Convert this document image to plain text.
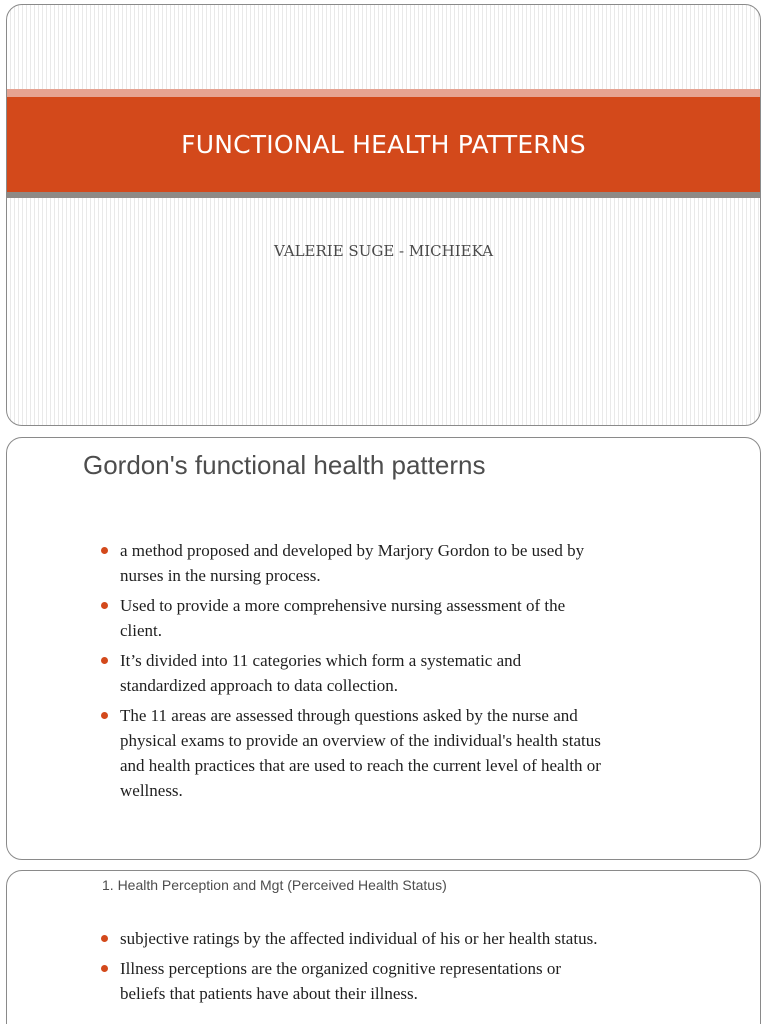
FUNCTIONAL HEALTH PATTERNS

VALERIE SUGE - MICHIEKA

Gordon's functional health patterns
a method proposed and developed by Marjory Gordon to be used by nurses in the nursing process.
Used to provide a more comprehensive nursing assessment of the client.
It’s divided into 11 categories which form a systematic and standardized approach to data collection.
The 11 areas are assessed through questions asked by the nurse and physical exams to provide an overview of the individual's health status and health practices that are used to reach the current level of health or wellness.
1. Health Perception and Mgt (Perceived Health Status)
subjective ratings by the affected individual of his or her health status.
Illness perceptions are the organized cognitive representations or beliefs that patients have about their illness.
